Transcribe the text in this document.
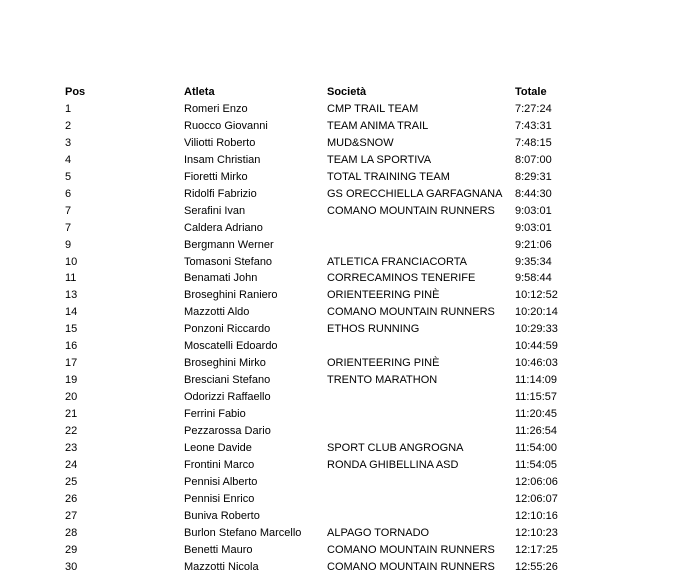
	Pos	Atleta	Società	Totale
	1	Romeri Enzo	CMP TRAIL TEAM	7:27:24
	2	Ruocco Giovanni	TEAM ANIMA TRAIL	7:43:31
	3	Viliotti Roberto	MUD&SNOW	7:48:15
	4	Insam Christian	TEAM LA SPORTIVA	8:07:00
	5	Fioretti Mirko	TOTAL TRAINING TEAM	8:29:31
	6	Ridolfi Fabrizio	GS ORECCHIELLA GARFAGNANA	8:44:30
	7	Serafini Ivan	COMANO MOUNTAIN RUNNERS	9:03:01
	7	Caldera Adriano		9:03:01
	9	Bergmann Werner		9:21:06
	10	Tomasoni Stefano	ATLETICA FRANCIACORTA	9:35:34
	11	Benamati John	CORRECAMINOS TENERIFE	9:58:44
	13	Broseghini Raniero	ORIENTEERING PINÈ	10:12:52
	14	Mazzotti Aldo	COMANO MOUNTAIN RUNNERS	10:20:14
	15	Ponzoni Riccardo	ETHOS RUNNING	10:29:33
	16	Moscatelli Edoardo		10:44:59
	17	Broseghini Mirko	ORIENTEERING PINÈ	10:46:03
	19	Bresciani Stefano	TRENTO MARATHON	11:14:09
	20	Odorizzi Raffaello		11:15:57
	21	Ferrini Fabio		11:20:45
	22	Pezzarossa Dario		11:26:54
	23	Leone Davide	SPORT CLUB ANGROGNA	11:54:00
	24	Frontini Marco	RONDA GHIBELLINA ASD	11:54:05
	25	Pennisi Alberto		12:06:06
	26	Pennisi Enrico		12:06:07
	27	Buniva Roberto		12:10:16
	28	Burlon Stefano Marcello	ALPAGO TORNADO	12:10:23
	29	Benetti Mauro	COMANO MOUNTAIN RUNNERS	12:17:25
	30	Mazzotti Nicola	COMANO MOUNTAIN RUNNERS	12:55:26
